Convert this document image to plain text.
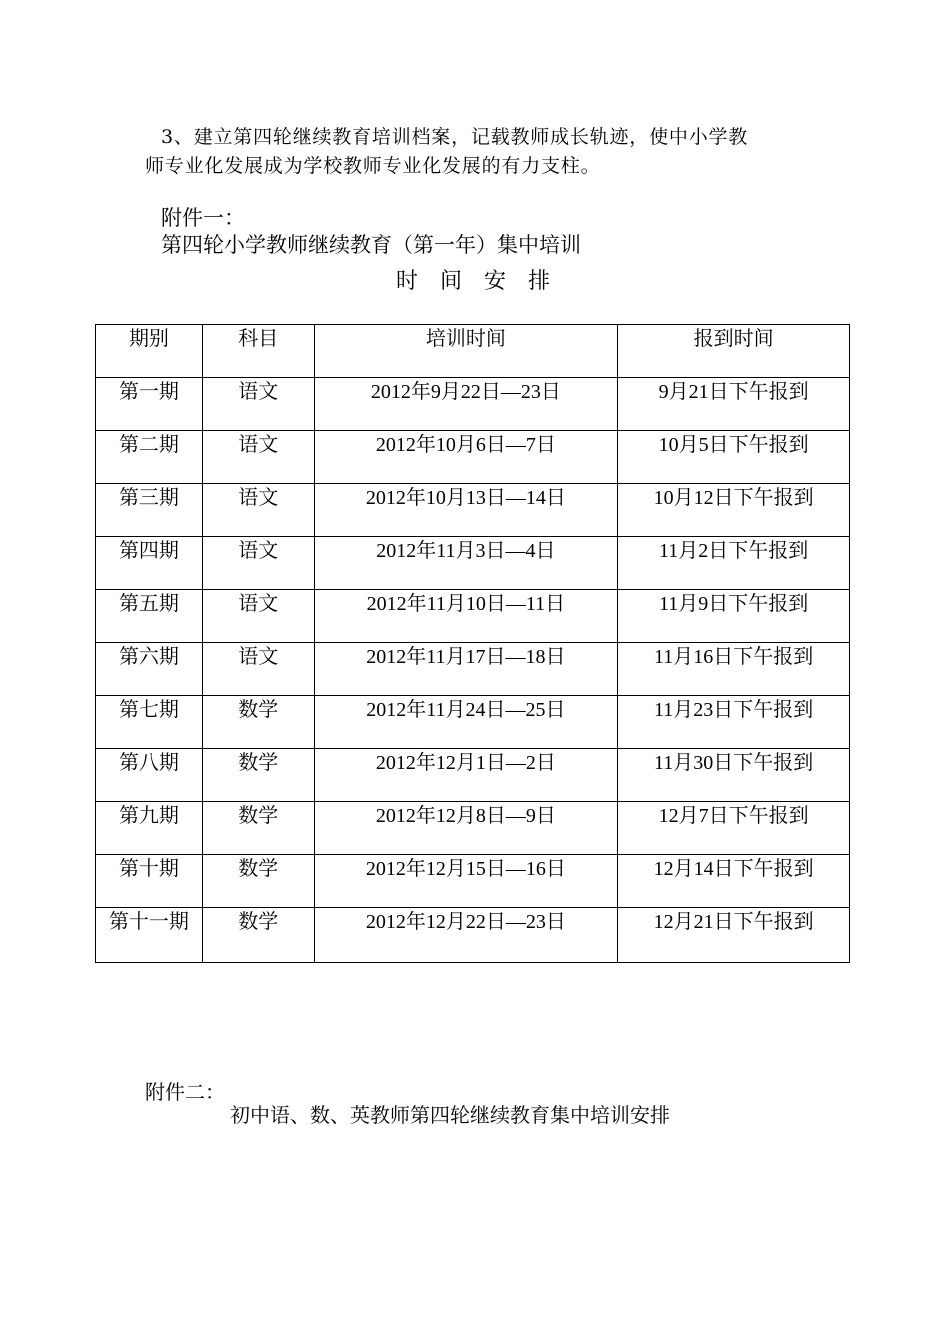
3、建立第四轮继续教育培训档案，记载教师成长轨迹，使中小学教
师专业化发展成为学校教师专业化发展的有力支柱。
附件一：
第四轮小学教师继续教育（第一年）集中培训
时间安排
期别	科目	培训时间	报到时间
第一期	语文	2012年9月22日—23日	9月21日下午报到
第二期	语文	2012年10月6日—7日	10月5日下午报到
第三期	语文	2012年10月13日—14日	10月12日下午报到
第四期	语文	2012年11月3日—4日	11月2日下午报到
第五期	语文	2012年11月10日—11日	11月9日下午报到
第六期	语文	2012年11月17日—18日	11月16日下午报到
第七期	数学	2012年11月24日—25日	11月23日下午报到
第八期	数学	2012年12月1日—2日	11月30日下午报到
第九期	数学	2012年12月8日—9日	12月7日下午报到
第十期	数学	2012年12月15日—16日	12月14日下午报到
第十一期	数学	2012年12月22日—23日	12月21日下午报到
附件二：
初中语、数、英教师第四轮继续教育集中培训安排
